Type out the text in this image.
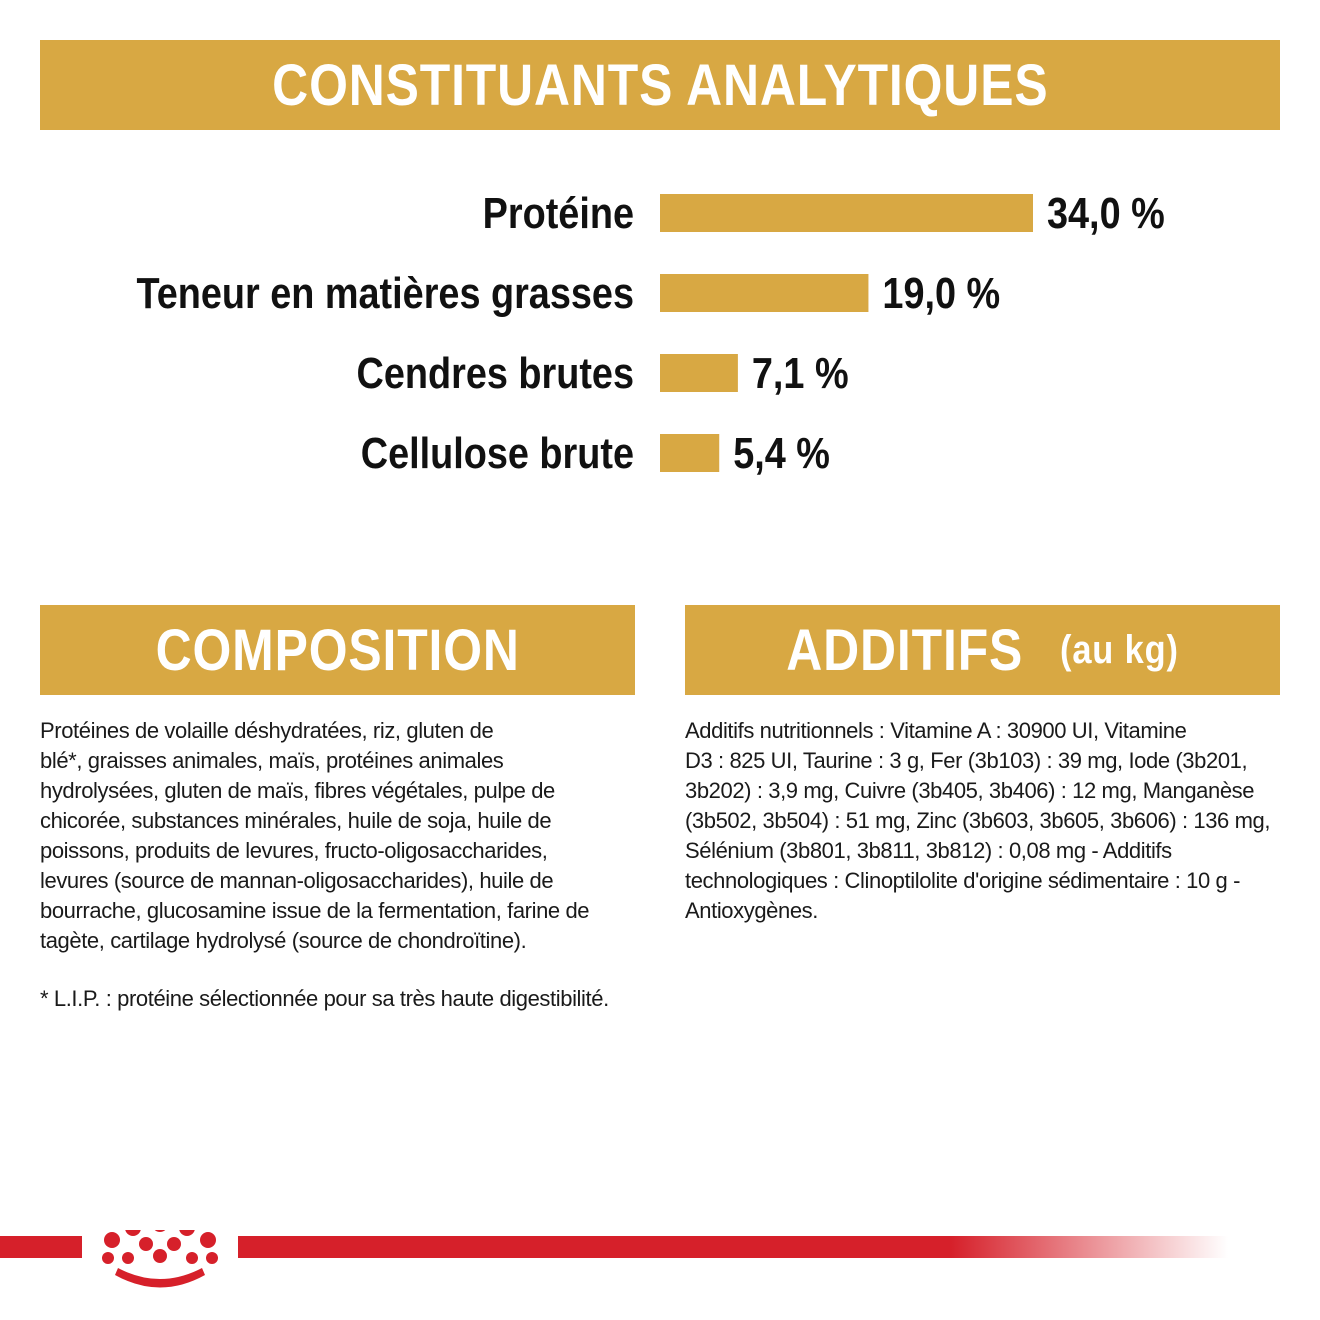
CONSTITUANTS ANALYTIQUES
Protéine	34,0 %
Teneur en matières grasses	19,0 %
Cendres brutes	7,1 %
Cellulose brute 5,4 %
COMPOSITION	ADDITIFS
(au kg)
Protéines de volaille déshydratées, riz, gluten de
blé*, graisses animales, maïs, protéines animales
hydrolysées, gluten de maïs, fibres végétales, pulpe de
chicorée, substances minérales, huile de soja, huile de
poissons, produits de levures, fructo-oligosaccharides,
levures (source de mannan-oligosaccharides), huile de
bourrache, glucosamine issue de la fermentation, farine de
tagète, cartilage hydrolysé (source de chondroïtine).
* L.I.P. : protéine sélectionnée pour sa très haute digestibilité.
Additifs nutritionnels : Vitamine A : 30900 UI, Vitamine
D3 : 825 UI, Taurine : 3 g, Fer (3b103) : 39 mg, Iode (3b201,
3b202) : 3,9 mg, Cuivre (3b405, 3b406) : 12 mg, Manganèse
(3b502, 3b504) : 51 mg, Zinc (3b603, 3b605, 3b606) : 136 mg,
Sélénium (3b801, 3b811, 3b812) : 0,08 mg - Additifs
technologiques : Clinoptilolite d'origine sédimentaire : 10 g -
Antioxygènes.
